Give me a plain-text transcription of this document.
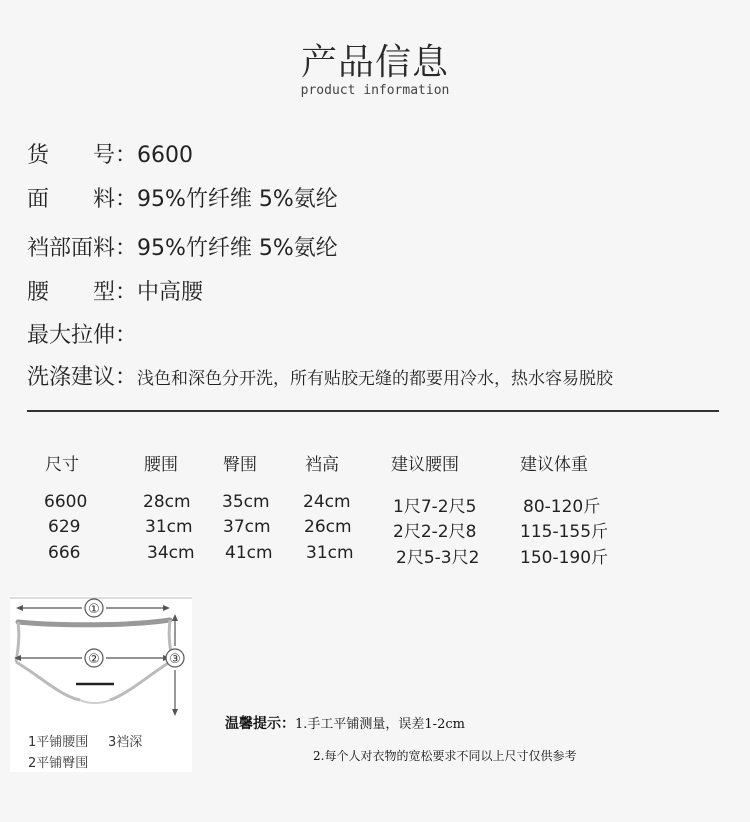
产品信息
product information
货　　号：6600
面　　料：95%竹纤维 5%氨纶
裆部面料：95%竹纤维 5%氨纶
腰　　型：中高腰
最大拉伸：
洗涤建议：浅色和深色分开洗，所有贴胶无缝的都要用冷水，热水容易脱胶
尺寸	腰围	臀围	裆高	建议腰围	建议体重
6600	28cm 35cm 24cm 1尺7-2尺5	80-120斤
629	31cm 37cm 26cm 2尺2-2尺8	115-155斤
666	34cm 41cm 31cm 2尺5-3尺2 150-190斤
①
②	③
1平铺腰围 3裆深
2平铺臀围
温馨提示：1.手工平铺测量，误差1-2cm
2.每个人对衣物的宽松要求不同以上尺寸仅供参考
